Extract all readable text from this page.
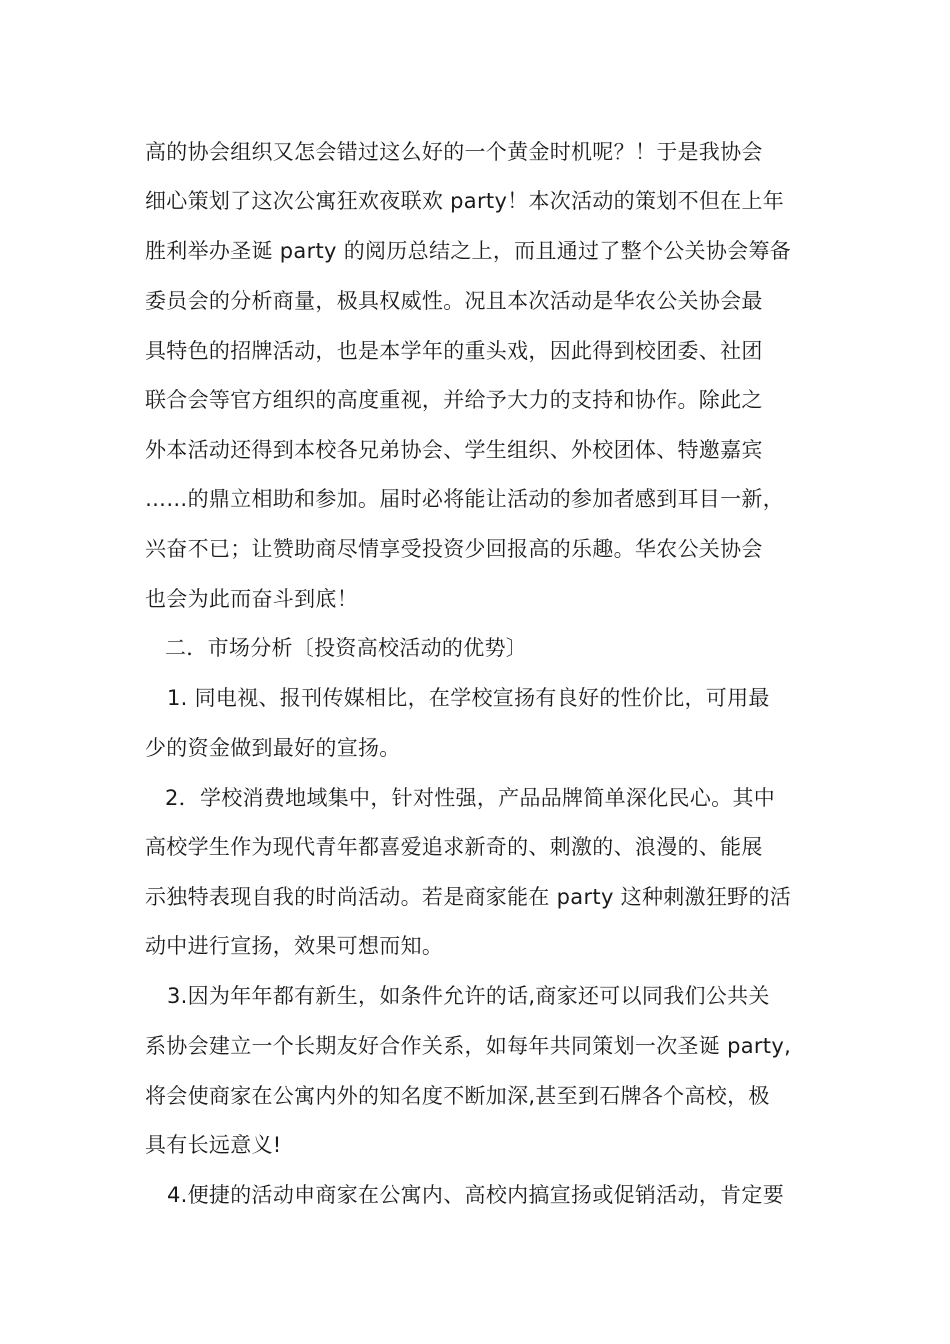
高的协会组织又怎会错过这么好的一个黄金时机呢？！于是我协会
细心策划了这次公寓狂欢夜联欢 party！本次活动的策划不但在上年
胜利举办圣诞 party 的阅历总结之上，而且通过了整个公关协会筹备
委员会的分析商量，极具权威性。况且本次活动是华农公关协会最
具特色的招牌活动，也是本学年的重头戏，因此得到校团委、社团
联合会等官方组织的高度重视，并给予大力的支持和协作。除此之
外本活动还得到本校各兄弟协会、学生组织、外校团体、特邀嘉宾
……的鼎立相助和参加。届时必将能让活动的参加者感到耳目一新，
兴奋不已；让赞助商尽情享受投资少回报高的乐趣。华农公关协会
也会为此而奋斗到底！
二．市场分析〔投资高校活动的优势〕
1. 同电视、报刊传媒相比，在学校宣扬有良好的性价比，可用最
少的资金做到最好的宣扬。
2．学校消费地域集中，针对性强，产品品牌简单深化民心。其中
高校学生作为现代青年都喜爱追求新奇的、刺激的、浪漫的、能展
示独特表现自我的时尚活动。若是商家能在 party 这种刺激狂野的活
动中进行宣扬，效果可想而知。
3.因为年年都有新生，如条件允许的话,商家还可以同我们公共关
系协会建立一个长期友好合作关系，如每年共同策划一次圣诞 party,
将会使商家在公寓内外的知名度不断加深,甚至到石牌各个高校，极
具有长远意义!
4.便捷的活动申商家在公寓内、高校内搞宣扬或促销活动，肯定要
